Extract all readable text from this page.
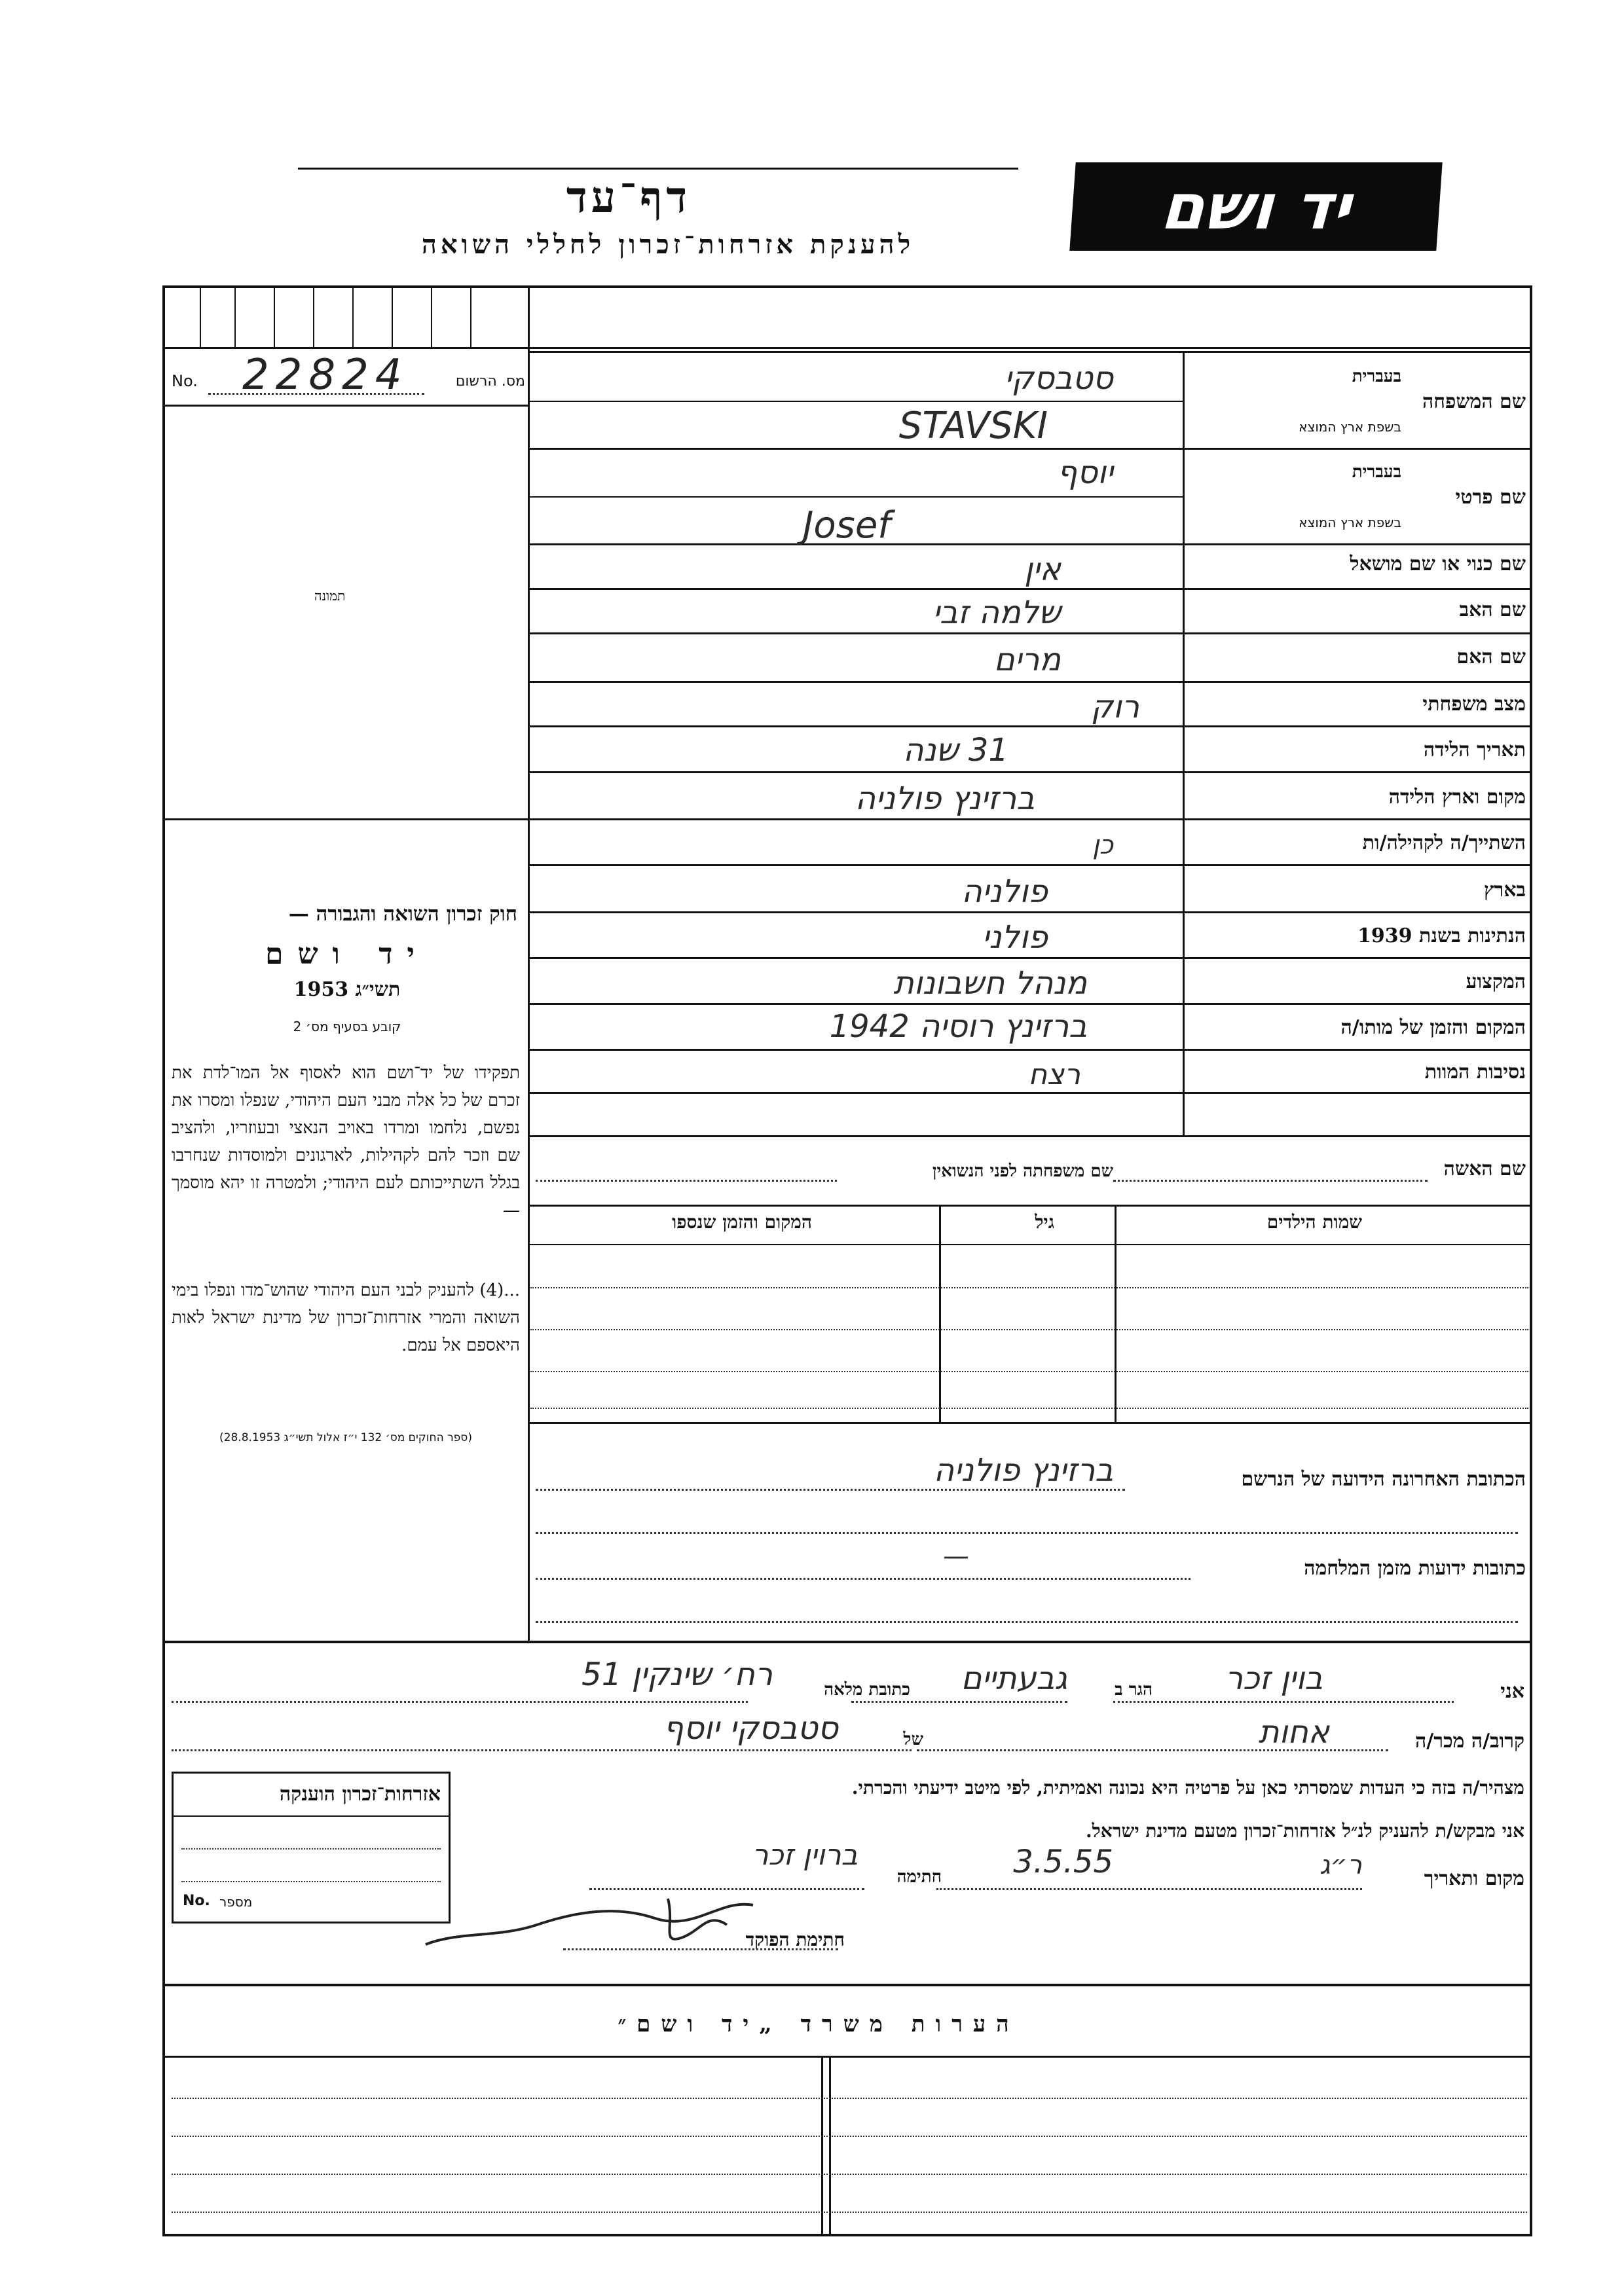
יד ושם
דף־עד
להענקת אזרחות־זכרון לחללי השואה
No. 22824	מס. הרשום
תמונה
חוק זכרון השואה והגבורה —
יד ושם
תשי״ג 1953
קובע בסעיף מס׳ 2
תפקידו של יד־ושם הוא לאסוף אל המו־לדת את זכרם של כל אלה מבני העם היהודי, שנפלו ומסרו את נפשם, נלחמו ומרדו באויב הנאצי ובעוזריו, ולהציב שם וזכר להם לקהילות, לארגונים ולמוסדות שנחרבו בגלל השתייכותם לעם היהודי; ולמטרה זו יהא מוסמך —
...(4) להעניק לבני העם היהודי שהוש־מדו ונפלו בימי השואה והמרי אזרחות־זכרון של מדינת ישראל לאות היאספם אל עמם.
(ספר החוקים מס׳ 132 י״ז אלול תשי״ג 28.8.1953)
שם המשפחה
בעברית
בשפת ארץ המוצא
סטבסקי
STAVSKI
שם פרטי
בעברית
בשפת ארץ המוצא
יוסף
Josef
שם כנוי או שם מושאל
אין
שם האב
שלמה זבי
שם האם
מרים
מצב משפחתי
רוק
תאריך הלידה
31 שנה
מקום וארץ הלידה
ברזינץ פולניה
השתייך/ה לקהילה/ות
כן
בארץ
פולניה
הנתינות בשנת 1939
פולני
המקצוע
מנהל חשבונות
המקום והזמן של מותו/ה
ברזינץ רוסיה 1942
נסיבות המוות
רצח
שם האשה
שם משפחתה לפני הנשואין
שמות הילדים
גיל
המקום והזמן שנספו
הכתובת האחרונה הידועה של הנרשם
ברזינץ פולניה
כתובות ידועות מזמן המלחמה
—
אני
בוין זכר
הגר ב
גבעתיים
כתובת מלאה
רח׳ שינקין 51
קרוב/ה מכר/ה
אחות
של
סטבסקי יוסף
מצהיר/ה בזה כי העדות שמסרתי כאן על פרטיה היא נכונה ואמיתית, לפי מיטב ידיעתי והכרתי.
אני מבקש/ת להעניק לנ״ל אזרחות־זכרון מטעם מדינת ישראל.
מקום ותאריך
ר״ג
3.5.55
חתימה
ברוין זכר
חתימת הפוקד
אזרחות־זכרון הוענקה
No. מספר
הערות משרד „יד ושם״
